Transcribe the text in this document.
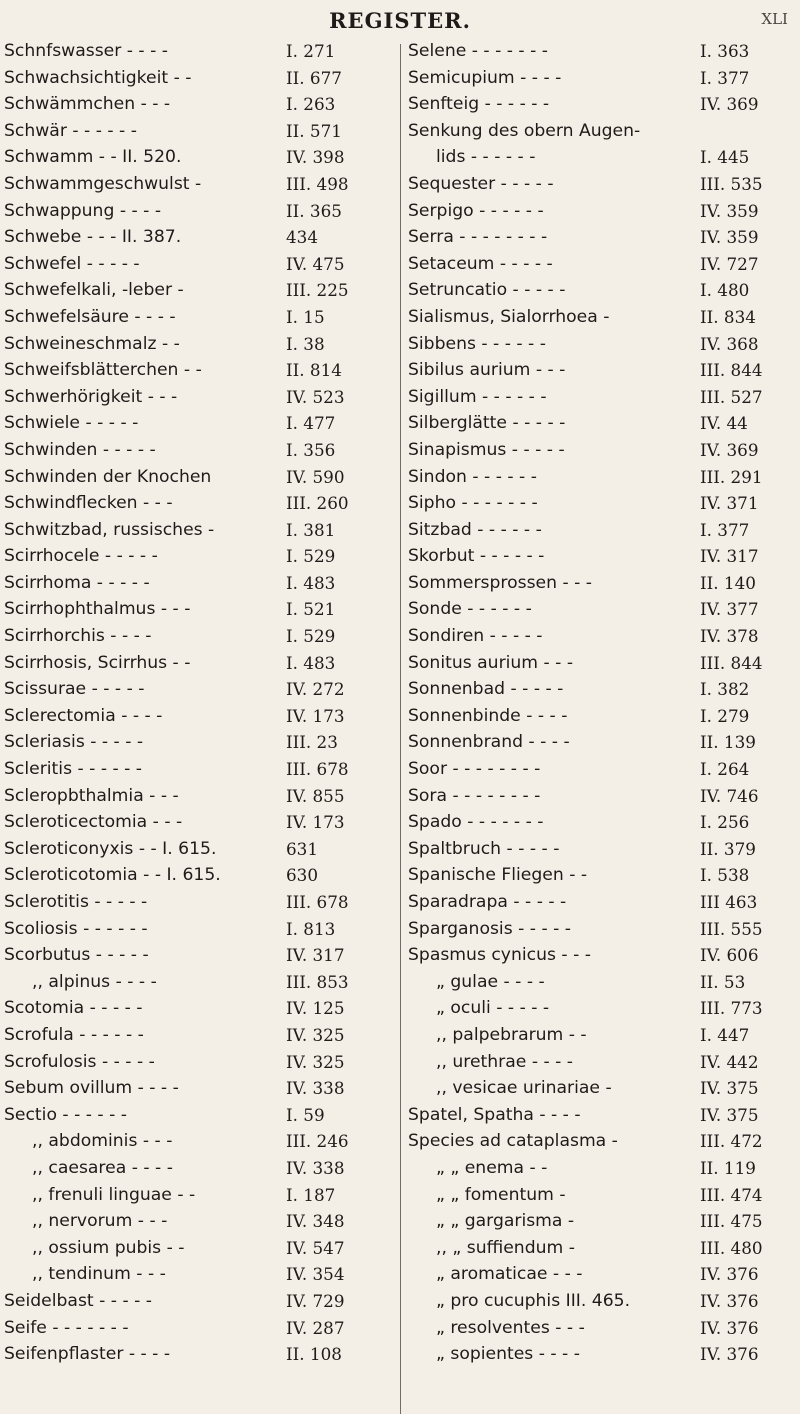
REGISTER.	XLI
Schnfswasser - - - -	I. 271
Schwachsichtigkeit - -	II. 677
Schwämmchen - - -	I. 263
Schwär - - - - - -	II. 571
Schwamm - - II. 520.	IV. 398
Schwammgeschwulst -	III. 498
Schwappung - - - -	II. 365
Schwebe - - - II. 387.	434
Schwefel - - - - -	IV. 475
Schwefelkali, -leber -	III. 225
Schwefelsäure - - - -	I. 15
Schweineschmalz - -	I. 38
Schweifsblätterchen - -	II. 814
Schwerhörigkeit - - -	IV. 523
Schwiele - - - - -	I. 477
Schwinden - - - - -	I. 356
Schwinden der Knochen	IV. 590
Schwindflecken - - -	III. 260
Schwitzbad, russisches -	I. 381
Scirrhocele - - - - -	I. 529
Scirrhoma - - - - -	I. 483
Scirrhophthalmus - - -	I. 521
Scirrhorchis - - - -	I. 529
Scirrhosis, Scirrhus - -	I. 483
Scissurae - - - - -	IV. 272
Sclerectomia - - - -	IV. 173
Scleriasis - - - - -	III. 23
Scleritis - - - - - -	III. 678
Scleropbthalmia - - -	IV. 855
Scleroticectomia - - -	IV. 173
Scleroticonyxis - - I. 615.	631
Scleroticotomia - - I. 615.	630
Sclerotitis - - - - -	III. 678
Scoliosis - - - - - -	I. 813
Scorbutus - - - - -	IV. 317
,, alpinus - - - -	III. 853
Scotomia - - - - -	IV. 125
Scrofula - - - - - -	IV. 325
Scrofulosis - - - - -	IV. 325
Sebum ovillum - - - -	IV. 338
Sectio - - - - - -	I. 59
,, abdominis - - -	III. 246
,, caesarea - - - -	IV. 338
,, frenuli linguae - -	I. 187
,, nervorum - - -	IV. 348
,, ossium pubis - -	IV. 547
,, tendinum - - -	IV. 354
Seidelbast - - - - -	IV. 729
Seife - - - - - - -	IV. 287
Seifenpflaster - - - -	II. 108
Selene - - - - - - -	I. 363
Semicupium - - - -	I. 377
Senfteig - - - - - -	IV. 369
Senkung des obern Augen-
lids - - - - - -	I. 445
Sequester - - - - -	III. 535
Serpigo - - - - - -	IV. 359
Serra - - - - - - - -	IV. 359
Setaceum - - - - -	IV. 727
Setruncatio - - - - -	I. 480
Sialismus, Sialorrhoea -	II. 834
Sibbens - - - - - -	IV. 368
Sibilus aurium - - -	III. 844
Sigillum - - - - - -	III. 527
Silberglätte - - - - -	IV. 44
Sinapismus - - - - -	IV. 369
Sindon - - - - - -	III. 291
Sipho - - - - - - -	IV. 371
Sitzbad - - - - - -	I. 377
Skorbut - - - - - -	IV. 317
Sommersprossen - - -	II. 140
Sonde - - - - - -	IV. 377
Sondiren - - - - -	IV. 378
Sonitus aurium - - -	III. 844
Sonnenbad - - - - -	I. 382
Sonnenbinde - - - -	I. 279
Sonnenbrand - - - -	II. 139
Soor - - - - - - - -	I. 264
Sora - - - - - - - -	IV. 746
Spado - - - - - - -	I. 256
Spaltbruch - - - - -	II. 379
Spanische Fliegen - -	I. 538
Sparadrapa - - - - -	III 463
Sparganosis - - - - -	III. 555
Spasmus cynicus - - -	IV. 606
„ gulae - - - -	II. 53
„ oculi - - - - -	III. 773
,, palpebrarum - -	I. 447
,, urethrae - - - -	IV. 442
,, vesicae urinariae -	IV. 375
Spatel, Spatha - - - -	IV. 375
Species ad cataplasma -	III. 472
„ „ enema - -	II. 119
„ „ fomentum -	III. 474
„ „ gargarisma -	III. 475
,, „ suffiendum -	III. 480
„ aromaticae - - -	IV. 376
„ pro cucuphis III. 465.	IV. 376
„ resolventes - - -	IV. 376
„ sopientes - - - -	IV. 376
